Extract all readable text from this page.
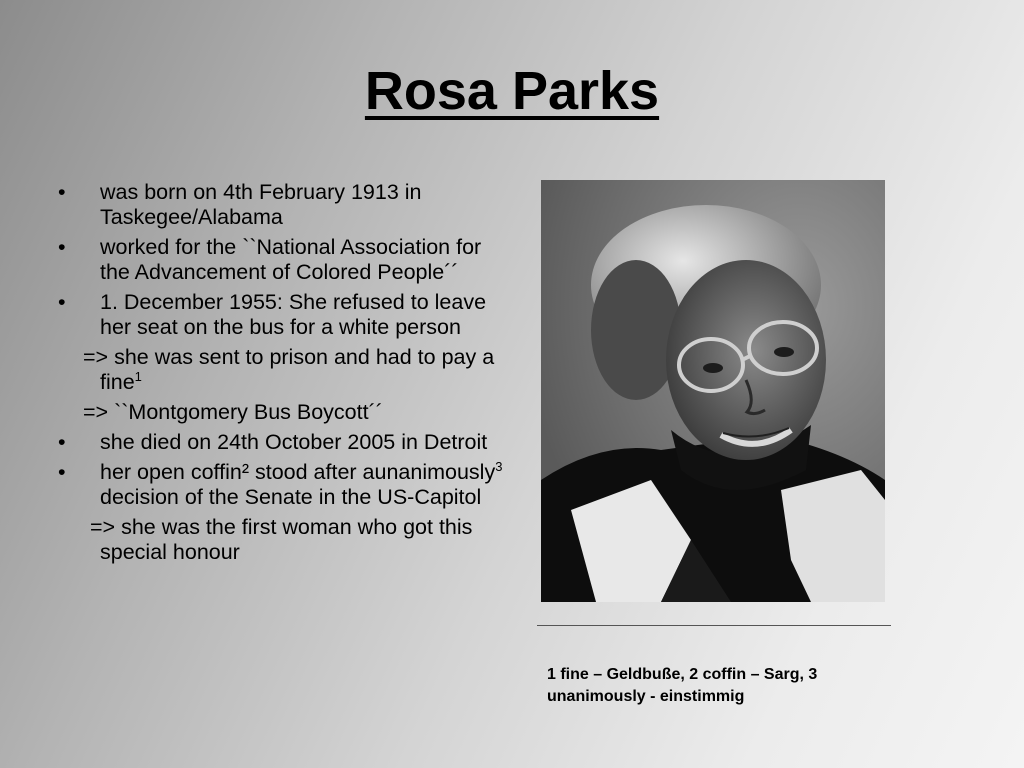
Rosa Parks
•	was born on 4th February 1913 in Taskegee/Alabama
•	worked for the ``National Association for the Advancement of Colored People´´
•	1. December 1955: She refused to leave her seat on the bus for a white person
=> she was sent to prison and had to pay a fine$^1$
=> ``Montgomery Bus Boycott´´
•	she died on 24th October 2005 in Detroit
•	her open coffin² stood after aunanimously$^3$ decision of the Senate in the US-Capitol
=> she was the first woman who got this special honour
1 fine – Geldbuße, 2 coffin – Sarg, 3 unanimously - einstimmig
